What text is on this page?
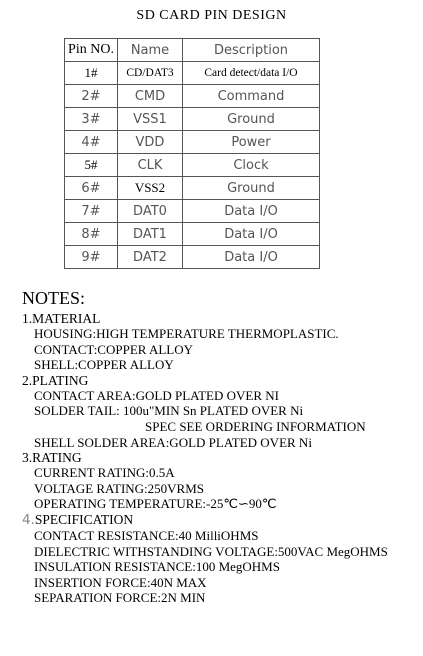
SD CARD PIN DESIGN
Pin NO.	Name	Description
1#	CD/DAT3	Card detect/data I/O
2#	CMD	Command
3#	VSS1	Ground
4#	VDD	Power
5#	CLK	Clock
6#	VSS2	Ground
7#	DAT0	Data I/O
8#	DAT1	Data I/O
9#	DAT2	Data I/O
NOTES:
1.MATERIAL
HOUSING:HIGH TEMPERATURE THERMOPLASTIC.
CONTACT:COPPER ALLOY
SHELL:COPPER ALLOY
2.PLATING
CONTACT AREA:GOLD PLATED OVER NI
SOLDER TAIL: 100u"MIN Sn PLATED OVER Ni
SPEC SEE ORDERING INFORMATION
SHELL SOLDER AREA:GOLD PLATED OVER Ni
3.RATING
CURRENT RATING:0.5A
VOLTAGE RATING:250VRMS
OPERATING TEMPERATURE:-25℃∽90℃
4.SPECIFICATION
CONTACT RESISTANCE:40 MilliOHMS
DIELECTRIC WITHSTANDING VOLTAGE:500VAC MegOHMS
INSULATION RESISTANCE:100 MegOHMS
INSERTION FORCE:40N MAX
SEPARATION FORCE:2N MIN
